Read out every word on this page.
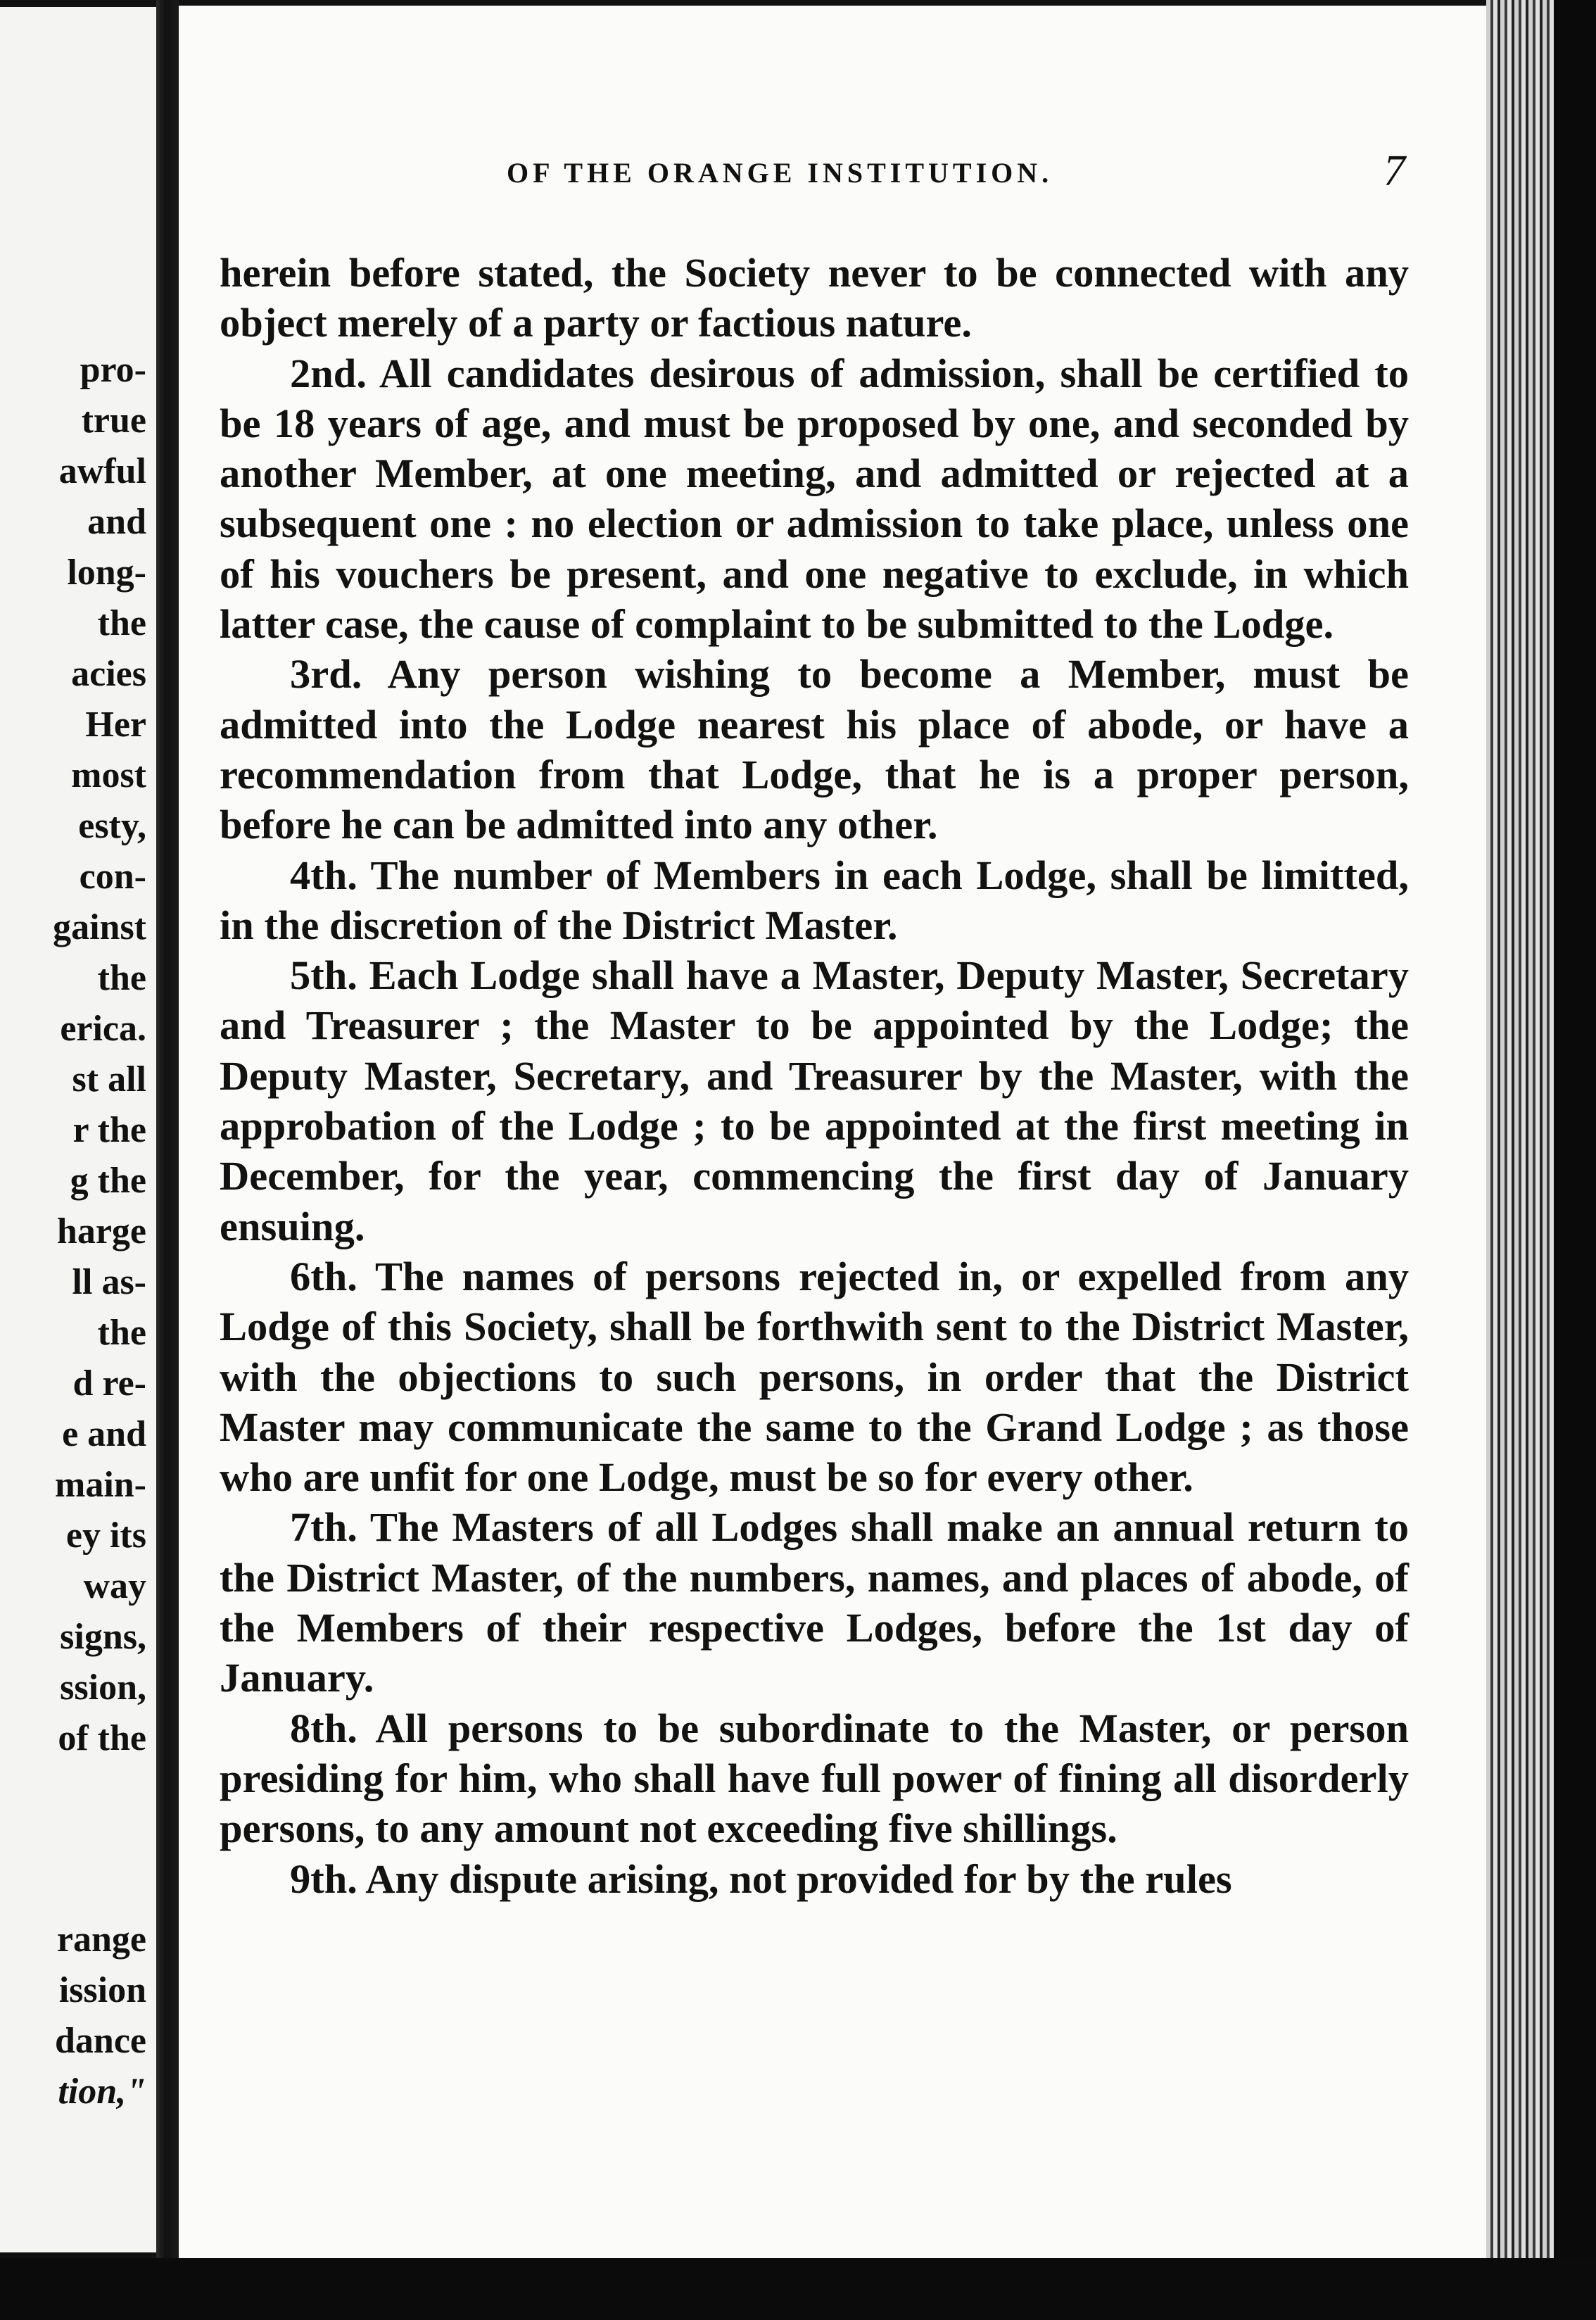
pro-
true
awful
and
long-
the
acies
Her
most
esty,
con-
gainst
the
erica.
st all
r the
g the
harge
ll as-
the
d re-
e and
main-
ey its
way
signs,
ssion,
of the
range
ission
dance
tion,"
OF THE ORANGE INSTITUTION.	7

herein before stated, the Society never to be connected with any object merely of a party or factious nature.

2nd. All candidates desirous of admission, shall be certified to be 18 years of age, and must be proposed by one, and seconded by another Member, at one meeting, and admitted or rejected at a subsequent one : no election or admission to take place, unless one of his vouchers be present, and one negative to exclude, in which latter case, the cause of complaint to be submitted to the Lodge.

3rd. Any person wishing to become a Member, must be admitted into the Lodge nearest his place of abode, or have a recommendation from that Lodge, that he is a proper person, before he can be admitted into any other.

4th. The number of Members in each Lodge, shall be limitted, in the discretion of the District Master.

5th. Each Lodge shall have a Master, Deputy Master, Secretary and Treasurer ; the Master to be appointed by the Lodge; the Deputy Master, Secretary, and Treasurer by the Master, with the approbation of the Lodge ; to be appointed at the first meeting in December, for the year, commencing the first day of January ensuing.

6th. The names of persons rejected in, or expelled from any Lodge of this Society, shall be forthwith sent to the District Master, with the objections to such persons, in order that the District Master may communicate the same to the Grand Lodge ; as those who are unfit for one Lodge, must be so for every other.

7th. The Masters of all Lodges shall make an annual return to the District Master, of the numbers, names, and places of abode, of the Members of their respective Lodges, before the 1st day of January.

8th. All persons to be subordinate to the Master, or person presiding for him, who shall have full power of fining all disorderly persons, to any amount not exceeding five shillings.

9th. Any dispute arising, not provided for by the rules
